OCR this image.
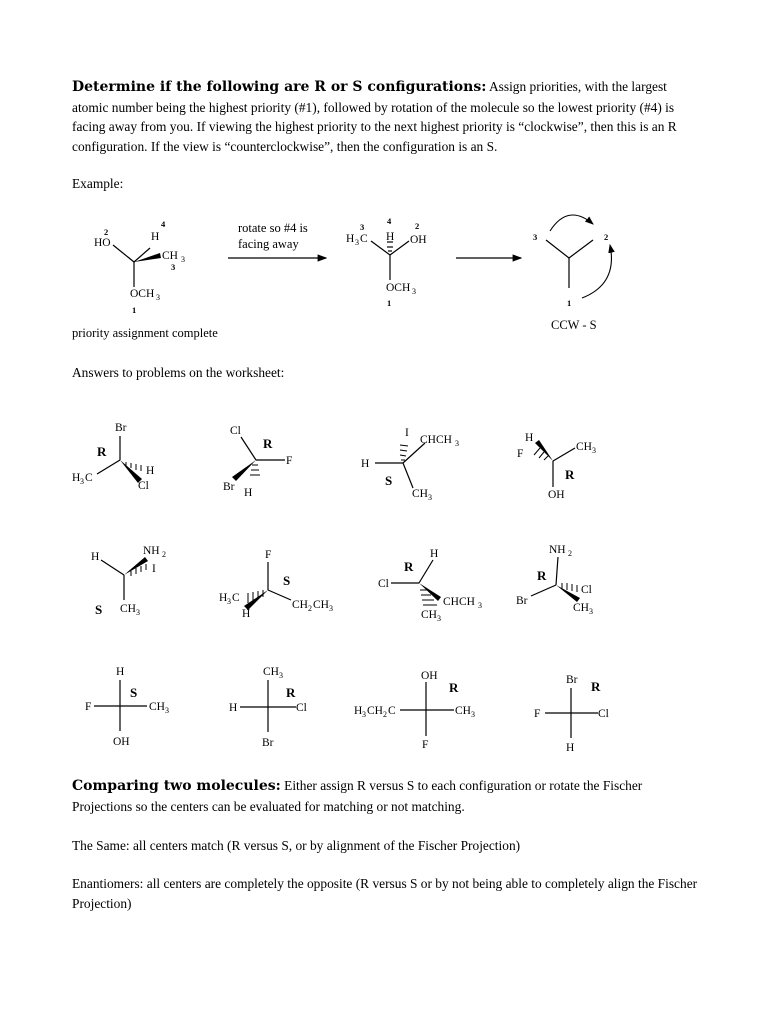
Determine if the following are R or S configurations: Assign priorities, with the largest atomic number being the highest priority (#1), followed by rotation of the molecule so the lowest priority (#4) is facing away from you. If viewing the highest priority to the next highest priority is “clockwise”, then this is an R configuration. If the view is “counterclockwise”, then the configuration is an S.

Example:
rotate so #4 is
facing away
priority assignment complete
CCW - S
Answers to problems on the worksheet:
2
HO
4
H
CH 3
3
OCH 3
1
3
H 3 C
4
H
2
OH
OCH 3
1
3	2
1
Br
R
H
H 3 C
Cl
Cl
R
F
Br H
I
CHCH 3
H
S
CH 3
H
CH 3
F
R
OH
H	NH 2
I
S CH 3
F
S
H 3 C
CH 2 CH 3
H
H
R
Cl
CHCH 3
CH 3
NH 2
R
Cl
Br
CH 3
H
S
F	CH 3
OH
CH 3
R
H	Cl
Br
OH
R
H 3 CH 2 C	CH 3
F
Br R
F	Cl
H

Comparing two molecules: Either assign R versus S to each configuration or rotate the Fischer Projections so the centers can be evaluated for matching or not matching.

The Same: all centers match (R versus S, or by alignment of the Fischer Projection)

Enantiomers: all centers are completely the opposite (R versus S or by not being able to completely align the Fischer Projection)
